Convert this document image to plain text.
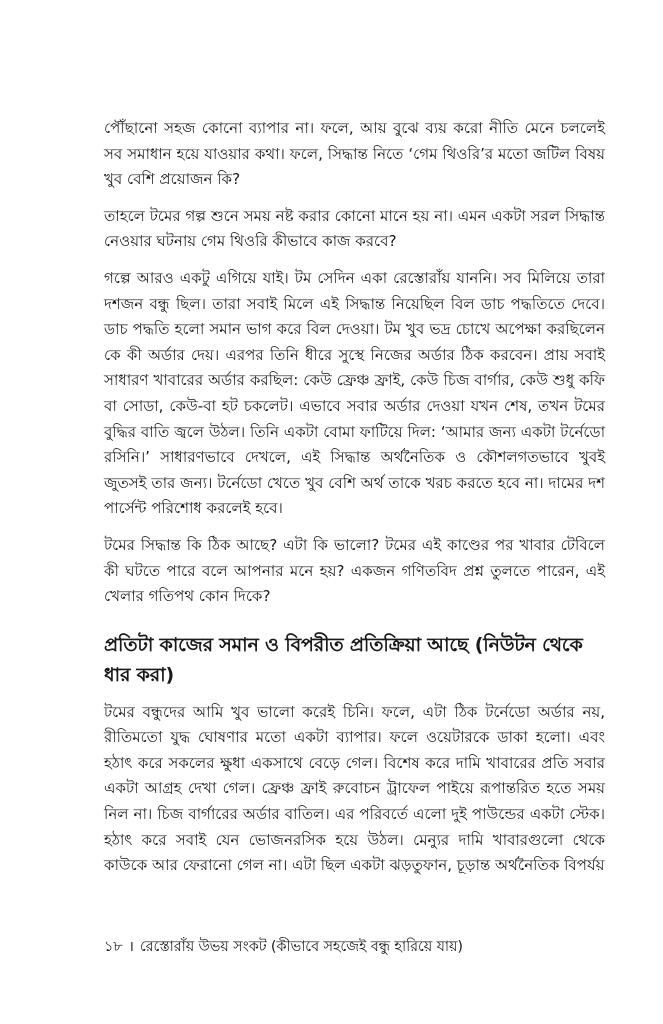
পৌঁছানো সহজ কোনো ব্যাপার না। ফলে, আয় বুঝে ব্যয় করো নীতি মেনে চললেই সব সমাধান হয়ে যাওয়ার কথা। ফলে, সিদ্ধান্ত নিতে ‘গেম থিওরি’র মতো জটিল বিষয় খুব বেশি প্রয়োজন কি?

তাহলে টমের গল্প শুনে সময় নষ্ট করার কোনো মানে হয় না। এমন একটা সরল সিদ্ধান্ত নেওয়ার ঘটনায় গেম থিওরি কীভাবে কাজ করবে?

গল্পে আরও একটু এগিয়ে যাই। টম সেদিন একা রেস্তোরাঁয় যাননি। সব মিলিয়ে তারা দশজন বন্ধু ছিল। তারা সবাই মিলে এই সিদ্ধান্ত নিয়েছিল বিল ডাচ পদ্ধতিতে দেবে। ডাচ পদ্ধতি হলো সমান ভাগ করে বিল দেওয়া। টম খুব ভদ্র চোখে অপেক্ষা করছিলেন কে কী অর্ডার দেয়। এরপর তিনি ধীরে সুস্থে নিজের অর্ডার ঠিক করবেন। প্রায় সবাই সাধারণ খাবারের অর্ডার করছিল: কেউ ফ্রেঞ্চ ফ্রাই, কেউ চিজ বার্গার, কেউ শুধু কফি বা সোডা, কেউ-বা হট চকলেট। এভাবে সবার অর্ডার দেওয়া যখন শেষ, তখন টমের বুদ্ধির বাতি জ্বলে উঠল। তিনি একটা বোমা ফাটিয়ে দিল: ‘আমার জন্য একটা টর্নেডো রসিনি।’ সাধারণভাবে দেখলে, এই সিদ্ধান্ত অর্থনৈতিক ও কৌশলগতভাবে খুবই জুতসই তার জন্য। টর্নেডো খেতে খুব বেশি অর্থ তাকে খরচ করতে হবে না। দামের দশ পার্সেন্ট পরিশোধ করলেই হবে।

টমের সিদ্ধান্ত কি ঠিক আছে? এটা কি ভালো? টমের এই কাণ্ডের পর খাবার টেবিলে কী ঘটতে পারে বলে আপনার মনে হয়? একজন গণিতবিদ প্রশ্ন তুলতে পারেন, এই খেলার গতিপথ কোন দিকে?

প্রতিটা কাজের সমান ও বিপরীত প্রতিক্রিয়া আছে (নিউটন থেকে ধার করা)

টমের বন্ধুদের আমি খুব ভালো করেই চিনি। ফলে, এটা ঠিক টর্নেডো অর্ডার নয়, রীতিমতো যুদ্ধ ঘোষণার মতো একটা ব্যাপার। ফলে ওয়েটারকে ডাকা হলো। এবং হঠাৎ করে সকলের ক্ষুধা একসাথে বেড়ে গেল। বিশেষ করে দামি খাবারের প্রতি সবার একটা আগ্রহ দেখা গেল। ফ্রেঞ্চ ফ্রাই রুবোচন ট্রাফেল পাইয়ে রূপান্তরিত হতে সময় নিল না। চিজ বার্গারের অর্ডার বাতিল। এর পরিবর্তে এলো দুই পাউন্ডের একটা স্টেক। হঠাৎ করে সবাই যেন ভোজনরসিক হয়ে উঠল। মেন্যুর দামি খাবারগুলো থেকে কাউকে আর ফেরানো গেল না। এটা ছিল একটা ঝড়তুফান, চূড়ান্ত অর্থনৈতিক বিপর্যয়

১৮ । রেস্তোরাঁয় উভয় সংকট (কীভাবে সহজেই বন্ধু হারিয়ে যায়)
